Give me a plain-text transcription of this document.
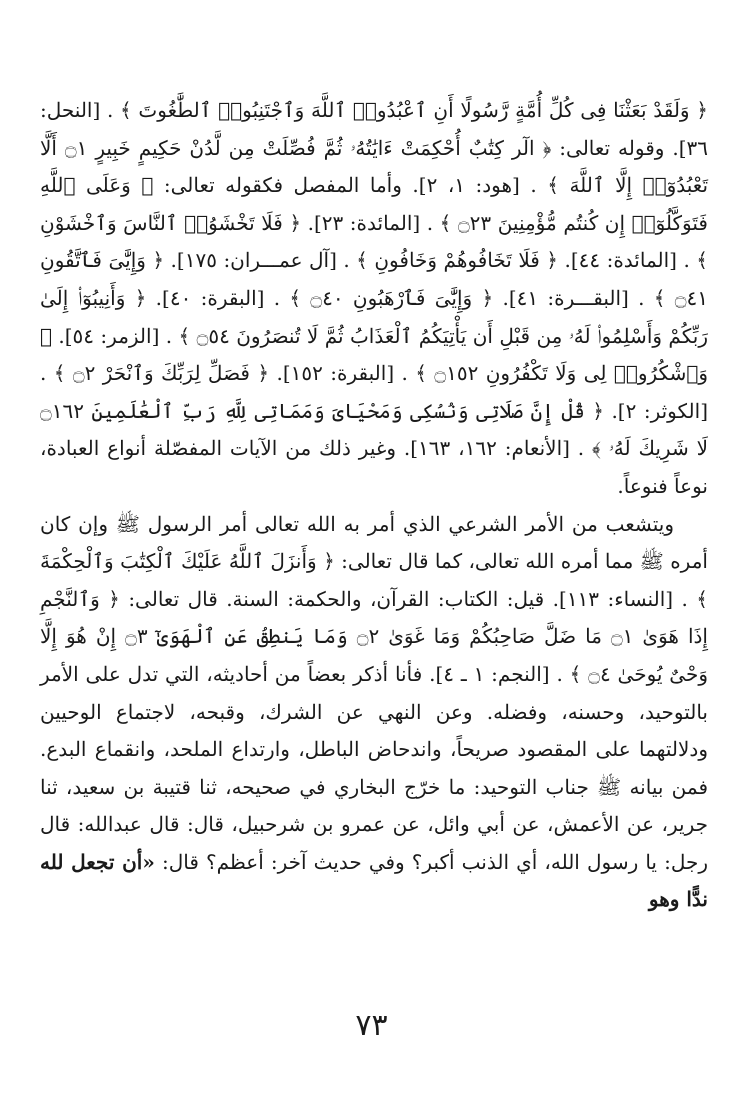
﴿ وَلَقَدْ بَعَثْنَا فِى كُلِّ أُمَّةٍ رَّسُولًا أَنِ ٱعْبُدُوا۟ ٱللَّهَ وَٱجْتَنِبُوا۟ ٱلطَّٰغُوتَ ﴾ . [النحل: ٣٦]. وقوله تعالى: ﴿ الٓر كِتَٰبٌ أُحْكِمَتْ ءَايَٰتُهُۥ ثُمَّ فُصِّلَتْ مِن لَّدُنْ حَكِيمٍ خَبِيرٍ ۝١ أَلَّا تَعْبُدُوٓا۟ إِلَّا ٱللَّهَ ﴾ . [هود: ١، ٢]. وأما المفصل فكقوله تعالى: ﴿ وَعَلَى ٱللَّهِ فَتَوَكَّلُوٓا۟ إِن كُنتُم مُّؤْمِنِينَ ۝٢٣ ﴾ . [المائدة: ٢٣]. ﴿ فَلَا تَخْشَوُا۟ ٱلنَّاسَ وَٱخْشَوْنِ ﴾ . [المائدة: ٤٤]. ﴿ فَلَا تَخَافُوهُمْ وَخَافُونِ ﴾ . [آل عمـــران: ١٧٥]. ﴿ وَإِيَّٰىَ فَٱتَّقُونِ ۝٤١ ﴾ . [البقـــرة: ٤١]. ﴿ وَإِيَّٰىَ فَٱرْهَبُونِ ۝٤٠ ﴾ . [البقرة: ٤٠]. ﴿ وَأَنِيبُوٓا۟ إِلَىٰ رَبِّكُمْ وَأَسْلِمُوا۟ لَهُۥ مِن قَبْلِ أَن يَأْتِيَكُمُ ٱلْعَذَابُ ثُمَّ لَا تُنصَرُونَ ۝٥٤ ﴾ . [الزمر: ٥٤]. ﴿ وَٱشْكُرُوا۟ لِى وَلَا تَكْفُرُونِ ۝١٥٢ ﴾ . [البقرة: ١٥٢]. ﴿ فَصَلِّ لِرَبِّكَ وَٱنْحَرْ ۝٢ ﴾ . [الكوثر: ٢]. ﴿ قُلْ إِنَّ صَلَاتِى وَنُسُكِى وَمَحْيَاىَ وَمَمَاتِى لِلَّهِ رَبِّ ٱلْعَٰلَمِينَ ۝١٦٢ لَا شَرِيكَ لَهُۥ ﴾ . [الأنعام: ١٦٢، ١٦٣]. وغير ذلك من الآيات المفصّلة أنواع العبادة، نوعاً فنوعاً.

ويتشعب من الأمر الشرعي الذي أمر به الله تعالى أمر الرسول ﷺ وإن كان أمره ﷺ مما أمره الله تعالى، كما قال تعالى: ﴿ وَأَنزَلَ ٱللَّهُ عَلَيْكَ ٱلْكِتَٰبَ وَٱلْحِكْمَةَ ﴾ . [النساء: ١١٣]. قيل: الكتاب: القرآن، والحكمة: السنة. قال تعالى: ﴿ وَٱلنَّجْمِ إِذَا هَوَىٰ ۝١ مَا ضَلَّ صَاحِبُكُمْ وَمَا غَوَىٰ ۝٢ وَمَا يَنطِقُ عَنِ ٱلْهَوَىٰٓ ۝٣ إِنْ هُوَ إِلَّا وَحْىٌ يُوحَىٰ ۝٤ ﴾ . [النجم: ١ ـ ٤]. فأنا أذكر بعضاً من أحاديثه، التي تدل على الأمر بالتوحيد، وحسنه، وفضله. وعن النهي عن الشرك، وقبحه، لاجتماع الوحيين ودلالتهما على المقصود صريحاً، واندحاض الباطل، وارتداع الملحد، وانقماع البدع. فمن بيانه ﷺ جناب التوحيد: ما خرّج البخاري في صحيحه، ثنا قتيبة بن سعيد، ثنا جرير، عن الأعمش، عن أبي وائل، عن عمرو بن شرحبيل، قال: قال عبدالله: قال رجل: يا رسول الله، أي الذنب أكبر؟ وفي حديث آخر: أعظم؟ قال: «أن تجعل لله ندًّا وهو

٧٣
